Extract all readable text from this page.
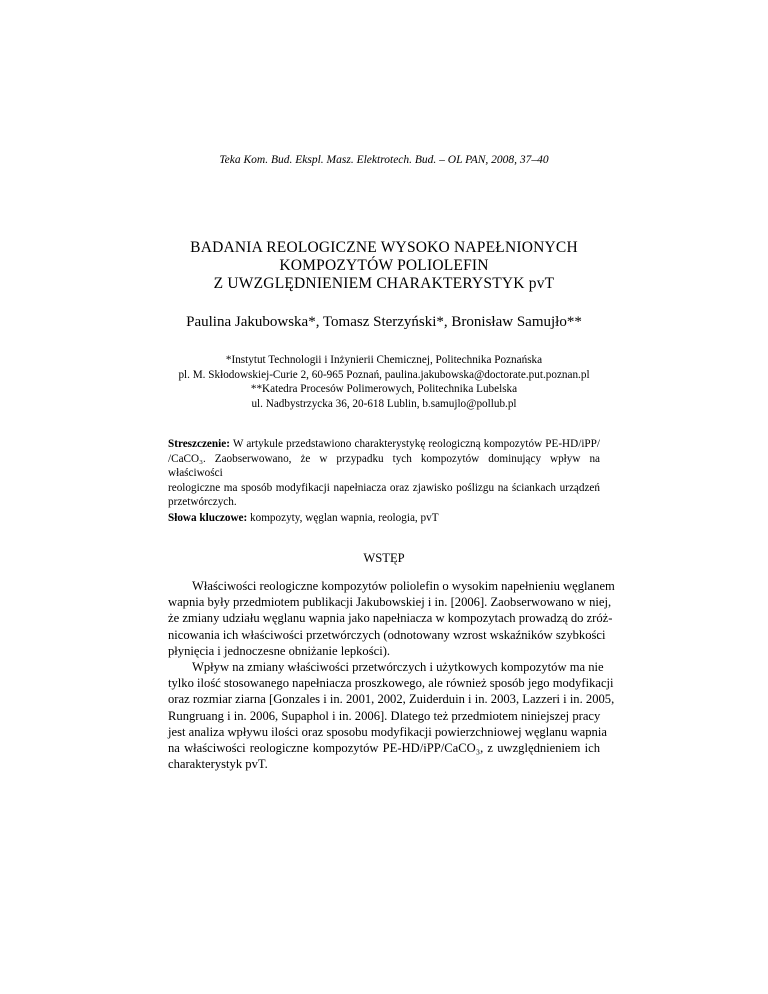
Teka Kom. Bud. Ekspl. Masz. Elektrotech. Bud. – OL PAN, 2008, 37–40
BADANIA REOLOGICZNE WYSOKO NAPEŁNIONYCH
KOMPOZYTÓW POLIOLEFIN
Z UWZGLĘDNIENIEM CHARAKTERYSTYK pvT
Paulina Jakubowska*, Tomasz Sterzyński*, Bronisław Samujło**
*Instytut Technologii i Inżynierii Chemicznej, Politechnika Poznańska
pl. M. Skłodowskiej-Curie 2, 60-965 Poznań, paulina.jakubowska@doctorate.put.poznan.pl
**Katedra Procesów Polimerowych, Politechnika Lubelska
ul. Nadbystrzycka 36, 20-618 Lublin, b.samujlo@pollub.pl
Streszczenie: W artykule przedstawiono charakterystykę reologiczną kompozytów PE-HD/iPP/
/CaCO₃. Zaobserwowano, że w przypadku tych kompozytów dominujący wpływ na właściwości
reologiczne ma sposób modyfikacji napełniacza oraz zjawisko poślizgu na ściankach urządzeń
przetwórczych.
Słowa kluczowe: kompozyty, węglan wapnia, reologia, pvT
WSTĘP
Właściwości reologiczne kompozytów poliolefin o wysokim napełnieniu węglanem
wapnia były przedmiotem publikacji Jakubowskiej i in. [2006]. Zaobserwowano w niej,
że zmiany udziału węglanu wapnia jako napełniacza w kompozytach prowadzą do zróż-
nicowania ich właściwości przetwórczych (odnotowany wzrost wskaźników szybkości
płynięcia i jednoczesne obniżanie lepkości).
Wpływ na zmiany właściwości przetwórczych i użytkowych kompozytów ma nie
tylko ilość stosowanego napełniacza proszkowego, ale również sposób jego modyfikacji
oraz rozmiar ziarna [Gonzales i in. 2001, 2002, Zuiderduin i in. 2003, Lazzeri i in. 2005,
Rungruang i in. 2006, Supaphol i in. 2006]. Dlatego też przedmiotem niniejszej pracy
jest analiza wpływu ilości oraz sposobu modyfikacji powierzchniowej węglanu wapnia
na właściwości reologiczne kompozytów PE-HD/iPP/CaCO₃, z uwzględnieniem ich
charakterystyk pvT.
